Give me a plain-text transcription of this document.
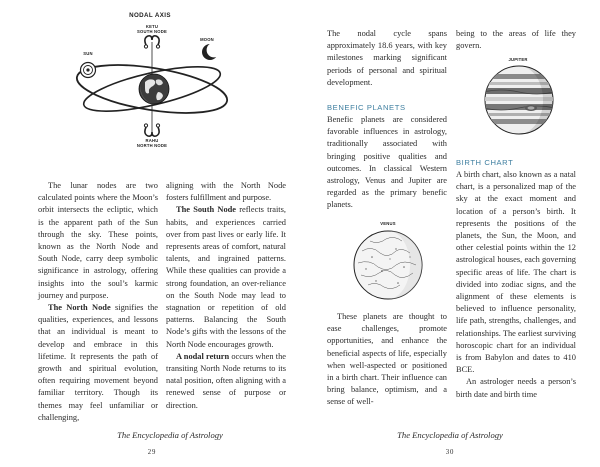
NODAL AXIS
KETU
SOUTH NODE
RAHU
NORTH NODE
SUN
MOON

The lunar nodes are two calculated points where the Moon’s orbit intersects the ecliptic, which is the apparent path of the Sun through the sky. These points, known as the North Node and South Node, carry deep symbolic significance in astrology, offering insights into the soul’s karmic journey and purpose.

The North Node signifies the qualities, experiences, and lessons that an individual is meant to develop and embrace in this lifetime. It represents the path of growth and spiritual evolution, often requiring movement beyond familiar territory. Though its themes may feel unfamiliar or challenging,

aligning with the North Node fosters fulfillment and purpose.

The South Node reflects traits, habits, and experiences carried over from past lives or early life. It represents areas of comfort, natural talents, and ingrained patterns. While these qualities can provide a strong foundation, an over-reliance on the South Node may lead to stagnation or repetition of old patterns. Balancing the South Node’s gifts with the lessons of the North Node encourages growth.

A nodal return occurs when the transiting North Node returns to its natal position, often aligning with a renewed sense of purpose or direction.

The Encyclopedia of Astrology
29

The nodal cycle spans approximately 18.6 years, with key milestones marking significant periods of personal and spiritual development.

BENEFIC PLANETS

Benefic planets are considered favorable influences in astrology, traditionally associated with bringing positive qualities and outcomes. In classical Western astrology, Venus and Jupiter are regarded as the primary benefic planets.

VENUS

These planets are thought to ease challenges, promote opportunities, and enhance the beneficial aspects of life, especially when well-aspected or positioned in a birth chart. Their influence can bring balance, optimism, and a sense of well-

being to the areas of life they govern.

JUPITER
BIRTH CHART

A birth chart, also known as a natal chart, is a personalized map of the sky at the exact moment and location of a person’s birth. It represents the positions of the planets, the Sun, the Moon, and other celestial points within the 12 astrological houses, each governing specific areas of life. The chart is divided into zodiac signs, and the alignment of these elements is believed to influence personality, life path, strengths, challenges, and relationships. The earliest surviving horoscopic chart for an individual is from Babylon and dates to 410 BCE.

An astrologer needs a person’s birth date and birth time

The Encyclopedia of Astrology
30
